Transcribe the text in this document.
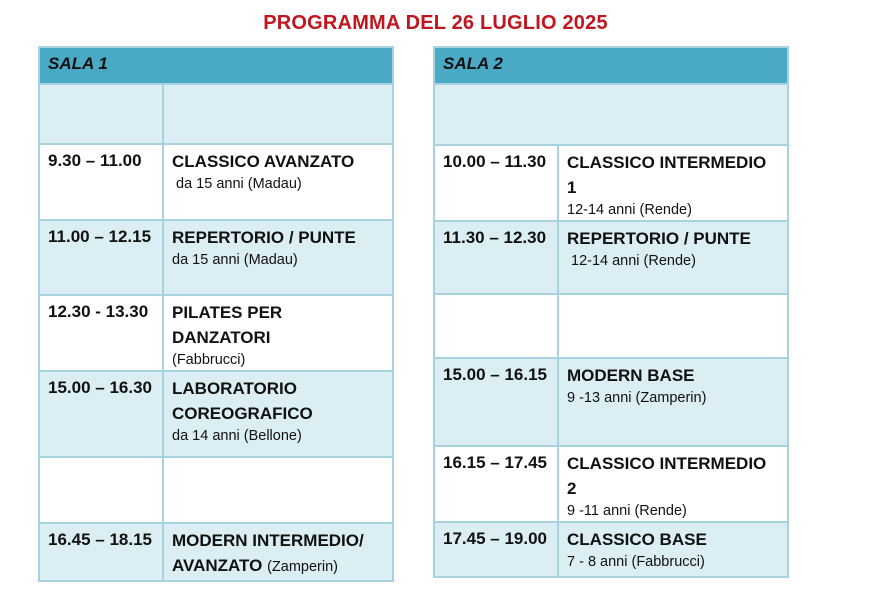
PROGRAMMA DEL 26 LUGLIO 2025
SALA 1	

9.30 – 11.00	CLASSICO AVANZATO
da 15 anni (Madau)

11.00 – 12.15	REPERTORIO / PUNTE
da 15 anni (Madau)

12.30 - 13.30	PILATES PER DANZATORI
(Fabbrucci)

15.00 – 16.30	LABORATORIO
COREOGRAFICO
da 14 anni (Bellone)

16.45 – 18.15	MODERN INTERMEDIO/
AVANZATO (Zamperin)
SALA 2	

10.00 – 11.30	CLASSICO INTERMEDIO 1
12-14 anni (Rende)

11.30 – 12.30	REPERTORIO / PUNTE
12-14 anni (Rende)

15.00 – 16.15	MODERN BASE
9 -13 anni (Zamperin)

16.15 – 17.45	CLASSICO INTERMEDIO 2
9 -11 anni (Rende)

17.45 – 19.00	CLASSICO BASE
7 - 8 anni (Fabbrucci)
